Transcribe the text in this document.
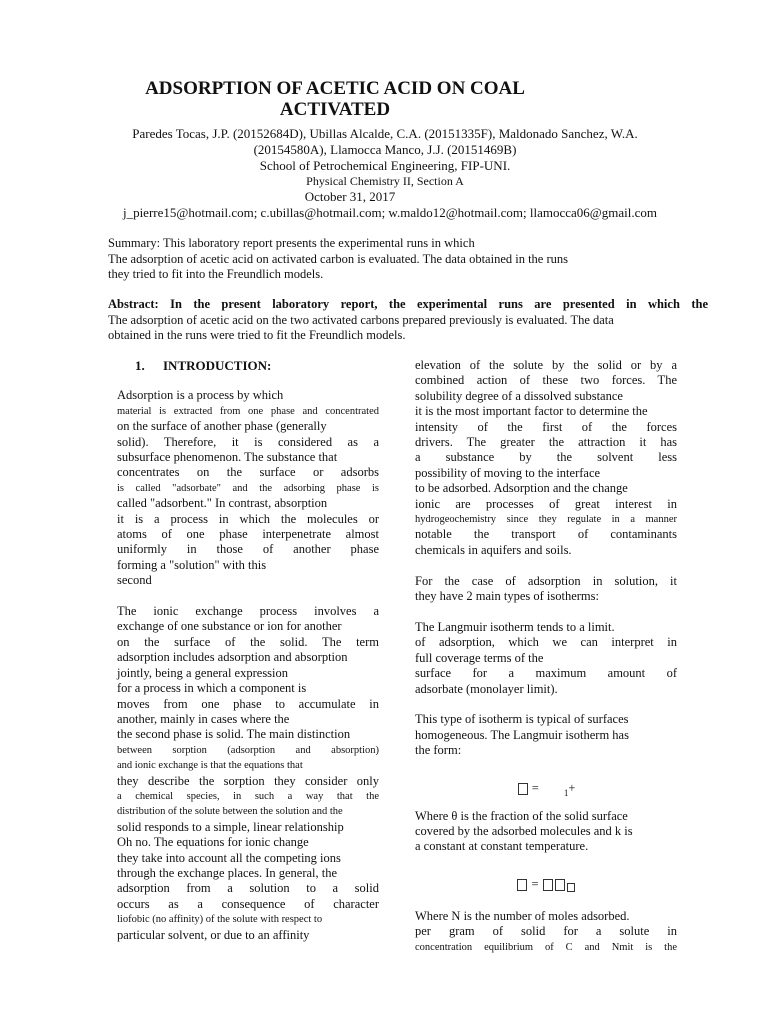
ADSORPTION OF ACETIC ACID ON COAL
ACTIVATED
Paredes Tocas, J.P. (20152684D), Ubillas Alcalde, C.A. (20151335F), Maldonado Sanchez, W.A.
(20154580A), Llamocca Manco, J.J. (20151469B)
School of Petrochemical Engineering, FIP-UNI.
Physical Chemistry II, Section A
October 31, 2017
j_pierre15@hotmail.com; c.ubillas@hotmail.com; w.maldo12@hotmail.com; llamocca06@gmail.com
Summary: This laboratory report presents the experimental runs in which
The adsorption of acetic acid on activated carbon is evaluated. The data obtained in the runs
they tried to fit into the Freundlich models.
Abstract: In the present laboratory report, the experimental runs are presented in which the
The adsorption of acetic acid on the two activated carbons prepared previously is evaluated. The data
obtained in the runs were tried to fit the Freundlich models.
1. INTRODUCTION:
Adsorption is a process by which
material is extracted from one phase and concentrated
on the surface of another phase (generally
solid). Therefore, it is considered as a
subsurface phenomenon. The substance that
concentrates on the surface or adsorbs
is called "adsorbate" and the adsorbing phase is
called "adsorbent." In contrast, absorption
it is a process in which the molecules or
atoms of one phase interpenetrate almost
uniformly in those of another phase
forming a "solution" with this
second
The ionic exchange process involves a
exchange of one substance or ion for another
on the surface of the solid. The term
adsorption includes adsorption and absorption
jointly, being a general expression
for a process in which a component is
moves from one phase to accumulate in
another, mainly in cases where the
the second phase is solid. The main distinction
between sorption (adsorption and absorption)
and ionic exchange is that the equations that
they describe the sorption they consider only
a chemical species, in such a way that the
distribution of the solute between the solution and the
solid responds to a simple, linear relationship
Oh no. The equations for ionic change
they take into account all the competing ions
through the exchange places. In general, the
adsorption from a solution to a solid
occurs as a consequence of character
liofobic (no affinity) of the solute with respect to
particular solvent, or due to an affinity
elevation of the solute by the solid or by a
combined action of these two forces. The
solubility degree of a dissolved substance
it is the most important factor to determine the
intensity of the first of the forces
drivers. The greater the attraction it has
a substance by the solvent less
possibility of moving to the interface
to be adsorbed. Adsorption and the change
ionic are processes of great interest in
hydrogeochemistry since they regulate in a manner
notable the transport of contaminants
chemicals in aquifers and soils.
For the case of adsorption in solution, it
they have 2 main types of isotherms:
The Langmuir isotherm tends to a limit.
of adsorption, which we can interpret in
full coverage terms of the
surface for a maximum amount of
adsorbate (monolayer limit).
This type of isotherm is typical of surfaces
homogeneous. The Langmuir isotherm has
the form:
=	$_1$+
Where θ is the fraction of the solid surface
covered by the adsorbed molecules and k is
a constant at constant temperature.
=
Where N is the number of moles adsorbed.
per gram of solid for a solute in
concentration equilibrium of C and Nmit is the
